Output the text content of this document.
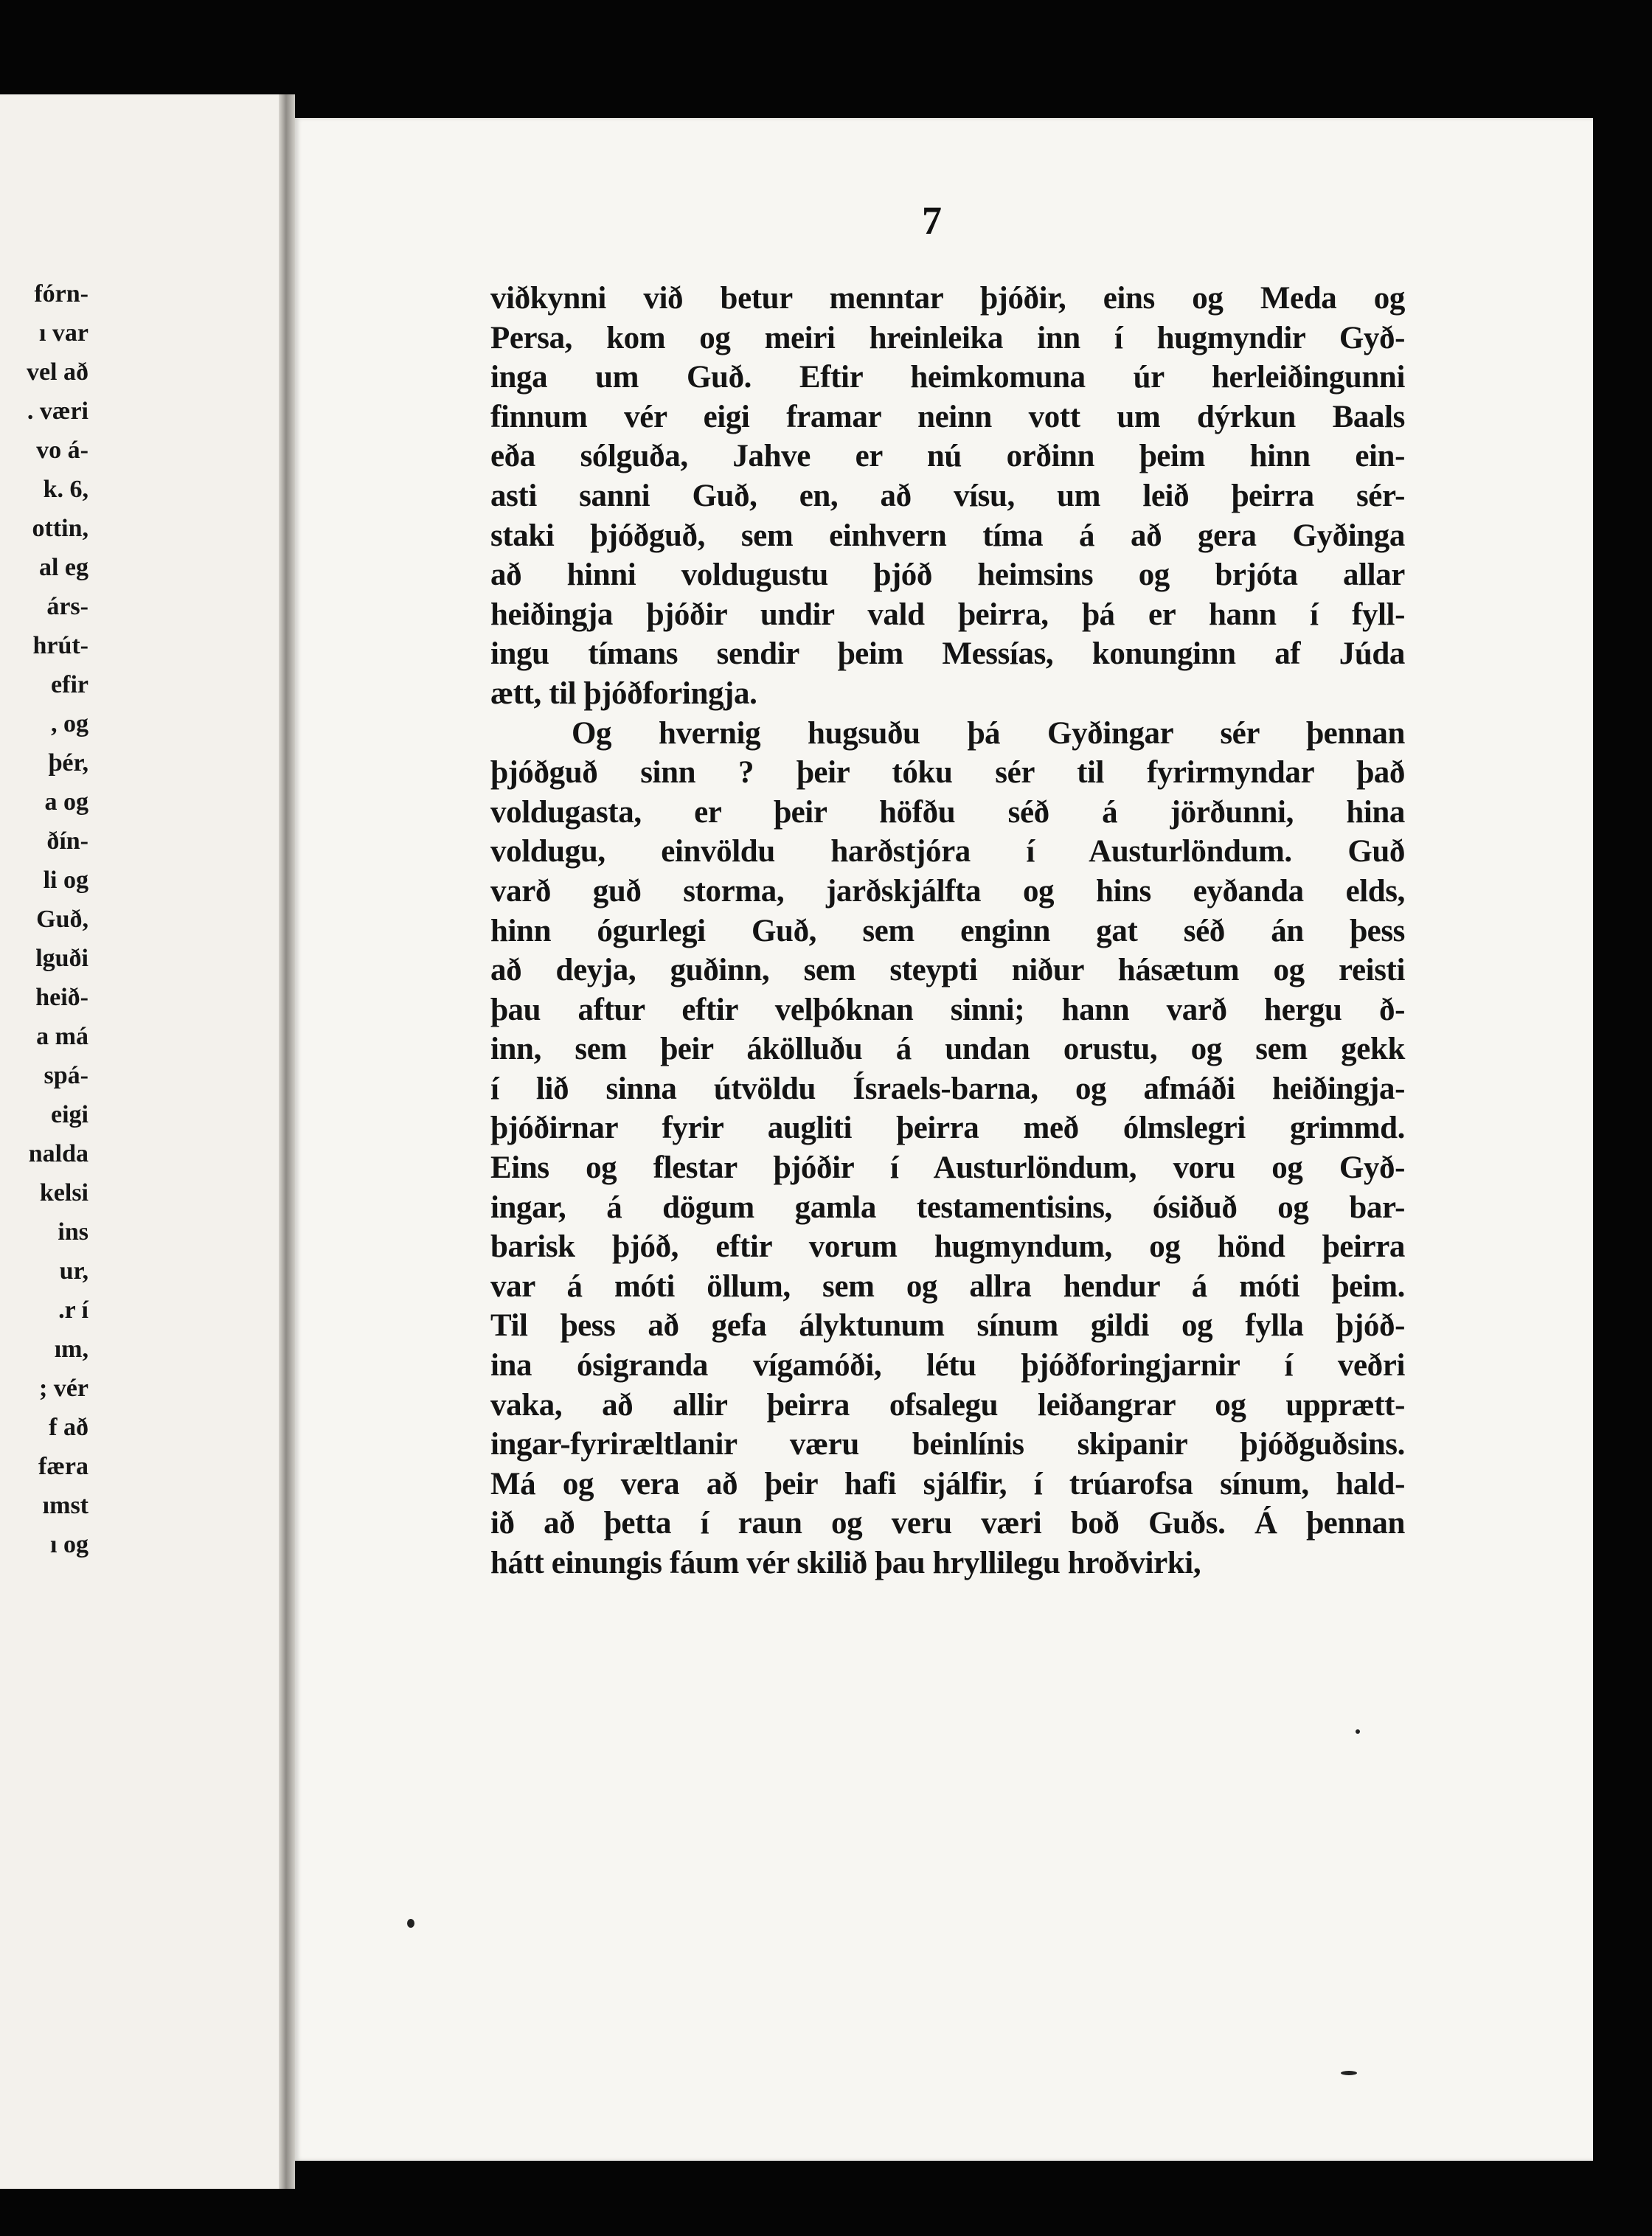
fórn-
ı var
vel að
. væri
vo á-
k. 6,
ottin,
al eg
árs-
hrút-
efir
, og
þér,
a og
ðín-
li og
Guð,
lguði
heið-
a má
spá-
eigi
nalda
kelsi
ins
ur,
.r í
ım,
; vér
f að
færa
ımst
ı og
7
viðkynni við betur menntar þjóðir, eins og Meda og
Persa, kom og meiri hreinleika inn í hugmyndir Gyð-
inga um Guð. Eftir heimkomuna úr herleiðingunni
finnum vér eigi framar neinn vott um dýrkun Baals
eða sólguða, Jahve er nú orðinn þeim hinn ein-
asti sanni Guð, en, að vísu, um leið þeirra sér-
staki þjóðguð, sem einhvern tíma á að gera Gyðinga
að hinni voldugustu þjóð heimsins og brjóta allar
heiðingja þjóðir undir vald þeirra, þá er hann í fyll-
ingu tímans sendir þeim Messías, konunginn af Júda
ætt, til þjóðforingja.
Og hvernig hugsuðu þá Gyðingar sér þennan
þjóðguð sinn ? þeir tóku sér til fyrirmyndar það
voldugasta, er þeir höfðu séð á jörðunni, hina
voldugu, einvöldu harðstjóra í Austurlöndum. Guð
varð guð storma, jarðskjálfta og hins eyðanda elds,
hinn ógurlegi Guð, sem enginn gat séð án þess
að deyja, guðinn, sem steypti niður hásætum og reisti
þau aftur eftir velþóknan sinni; hann varð hergu ð-
inn, sem þeir ákölluðu á undan orustu, og sem gekk
í lið sinna útvöldu Ísraels-barna, og afmáði heiðingja-
þjóðirnar fyrir augliti þeirra með ólmslegri grimmd.
Eins og flestar þjóðir í Austurlöndum, voru og Gyð-
ingar, á dögum gamla testamentisins, ósiðuð og bar-
barisk þjóð, eftir vorum hugmyndum, og hönd þeirra
var á móti öllum, sem og allra hendur á móti þeim.
Til þess að gefa ályktunum sínum gildi og fylla þjóð-
ina ósigranda vígamóði, létu þjóðforingjarnir í veðri
vaka, að allir þeirra ofsalegu leiðangrar og upprætt-
ingar-fyriræltlanir væru beinlínis skipanir þjóðguðsins.
Má og vera að þeir hafi sjálfir, í trúarofsa sínum, hald-
ið að þetta í raun og veru væri boð Guðs. Á þennan
hátt einungis fáum vér skilið þau hryllilegu hroðvirki,
